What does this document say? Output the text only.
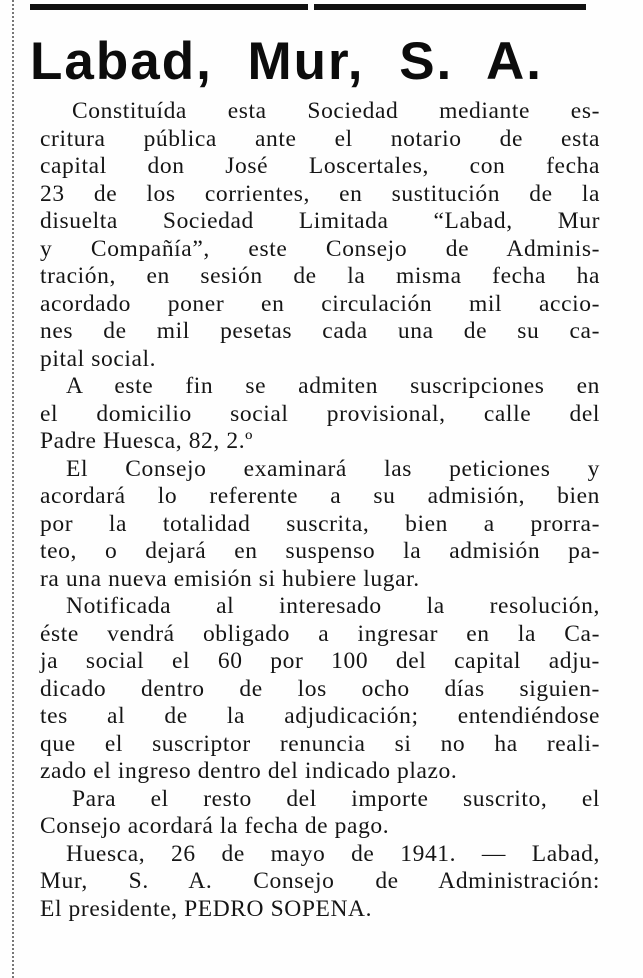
Labad, Mur, S. A.
Constituída esta Sociedad mediante es-
critura pública ante el notario de esta
capital don José Loscertales, con fecha
23 de los corrientes, en sustitución de la
disuelta Sociedad Limitada “Labad, Mur
y Compañía”, este Consejo de Adminis-
tración, en sesión de la misma fecha ha
acordado poner en circulación mil accio-
nes de mil pesetas cada una de su ca-
pital social.
A este fin se admiten suscripciones en
el domicilio social provisional, calle del
Padre Huesca, 82, 2.º
El Consejo examinará las peticiones y
acordará lo referente a su admisión, bien
por la totalidad suscrita, bien a prorra-
teo, o dejará en suspenso la admisión pa-
ra una nueva emisión si hubiere lugar.
Notificada al interesado la resolución,
éste vendrá obligado a ingresar en la Ca-
ja social el 60 por 100 del capital adju-
dicado dentro de los ocho días siguien-
tes al de la adjudicación; entendiéndose
que el suscriptor renuncia si no ha reali-
zado el ingreso dentro del indicado plazo.
Para el resto del importe suscrito, el
Consejo acordará la fecha de pago.
Huesca, 26 de mayo de 1941. — Labad,
Mur, S. A. Consejo de Administración:
El presidente, PEDRO SOPENA.
